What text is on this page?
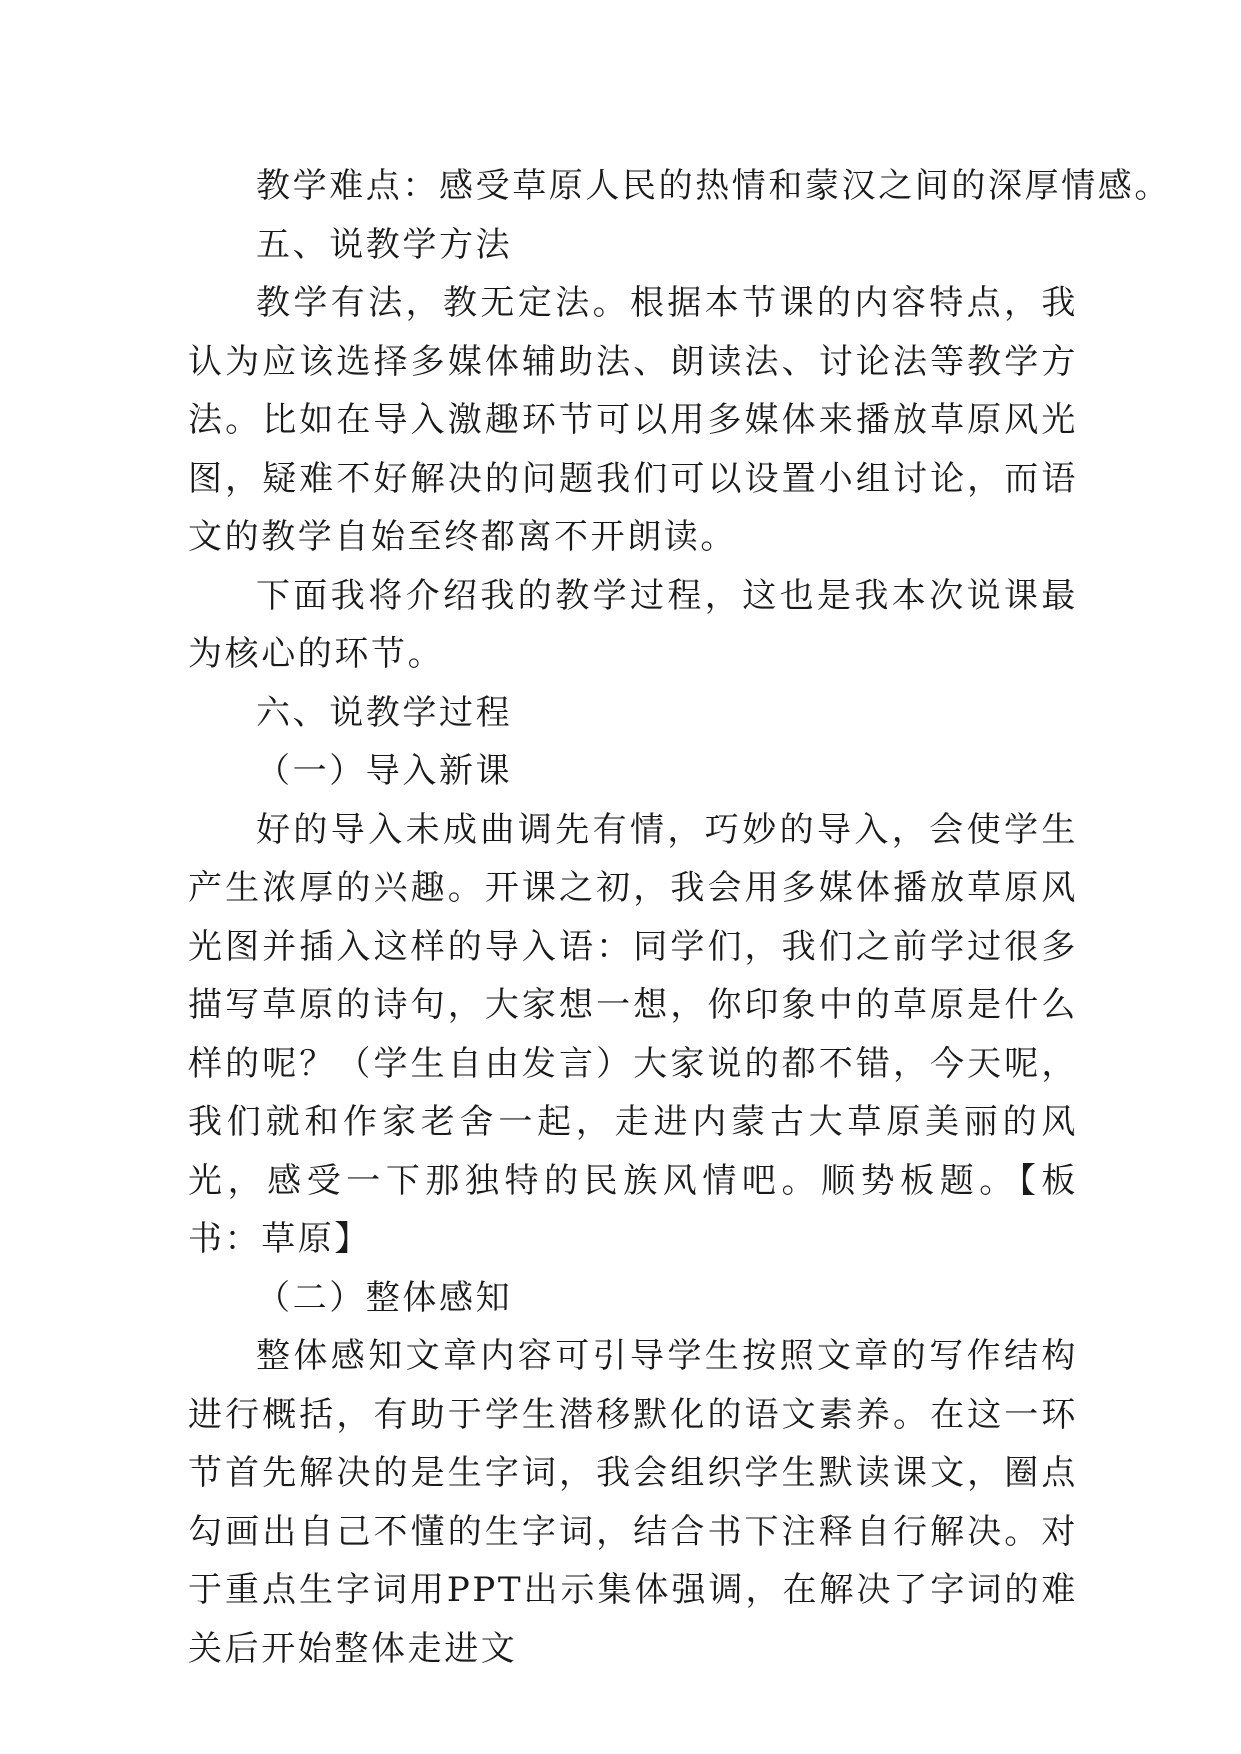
教学难点：感受草原人民的热情和蒙汉之间的深厚情感。

五、说教学方法

教学有法，教无定法。根据本节课的内容特点，我认为应该选择多媒体辅助法、朗读法、讨论法等教学方法。比如在导入激趣环节可以用多媒体来播放草原风光图，疑难不好解决的问题我们可以设置小组讨论，而语文的教学自始至终都离不开朗读。

下面我将介绍我的教学过程，这也是我本次说课最为核心的环节。

六、说教学过程

（一）导入新课

好的导入未成曲调先有情，巧妙的导入，会使学生产生浓厚的兴趣。开课之初，我会用多媒体播放草原风光图并插入这样的导入语：同学们，我们之前学过很多描写草原的诗句，大家想一想，你印象中的草原是什么样的呢？（学生自由发言）大家说的都不错，今天呢，我们就和作家老舍一起，走进内蒙古大草原美丽的风光，感受一下那独特的民族风情吧。顺势板题。【板书：草原】

（二）整体感知

整体感知文章内容可引导学生按照文章的写作结构进行概括，有助于学生潜移默化的语文素养。在这一环节首先解决的是生字词，我会组织学生默读课文，圈点勾画出自己不懂的生字词，结合书下注释自行解决。对于重点生字词用PPT出示集体强调，在解决了字词的难关后开始整体走进文
